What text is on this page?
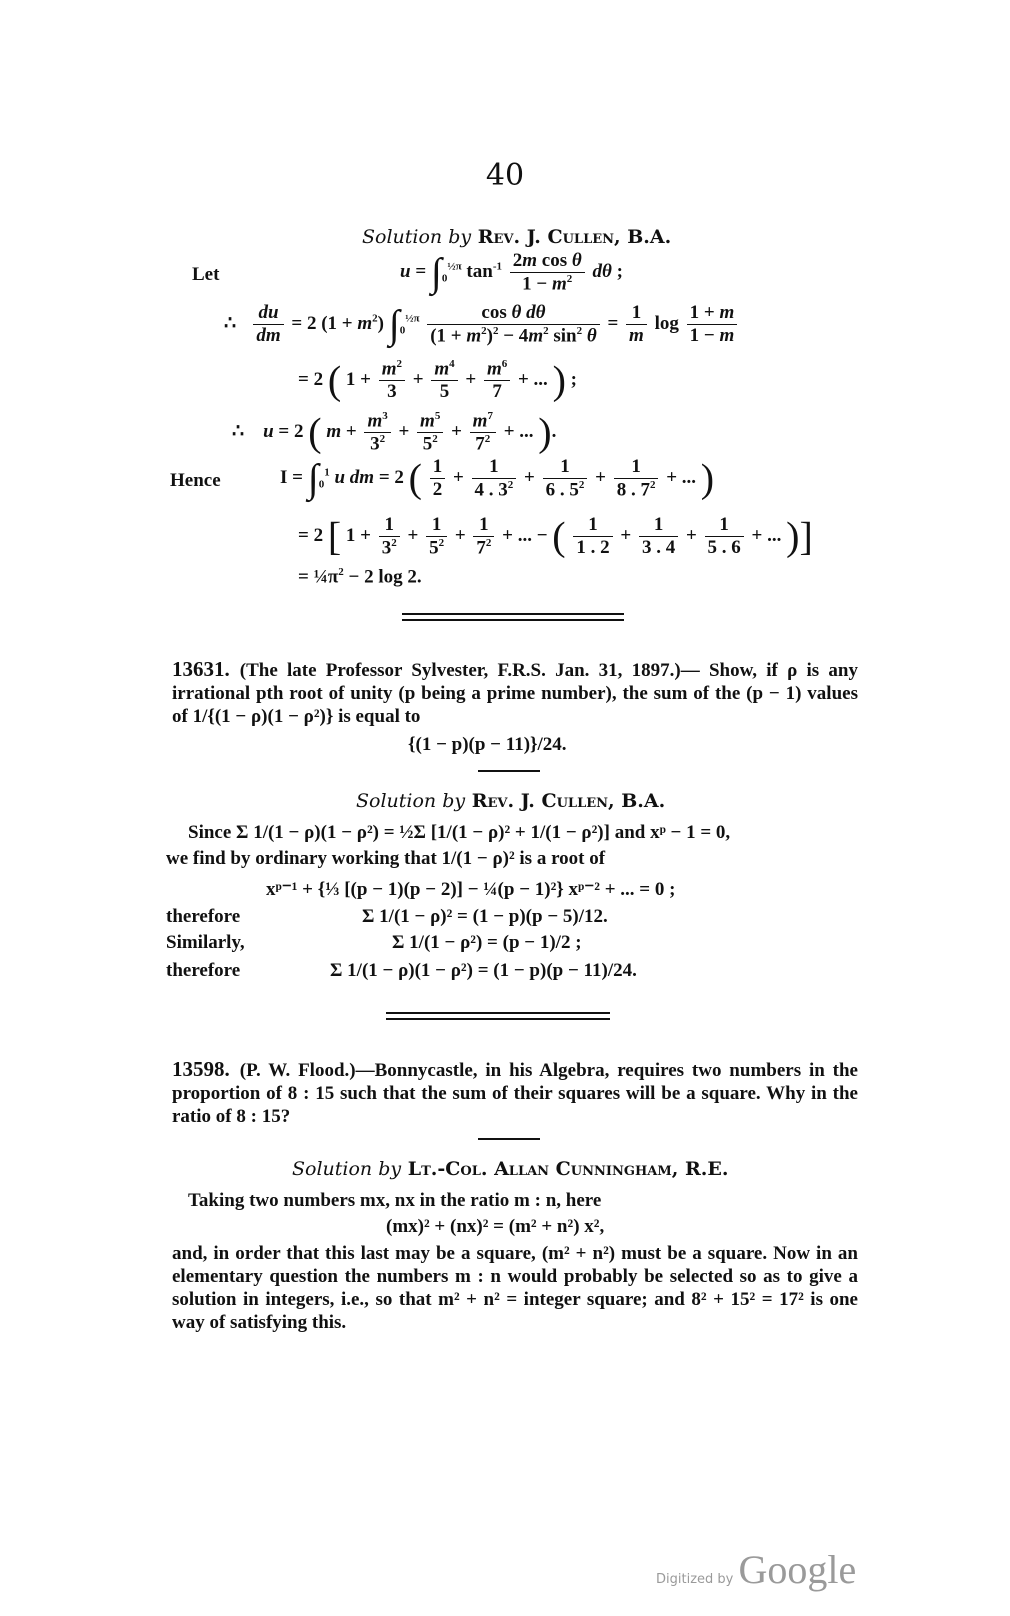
40
Solution by Rev. J. Cullen, B.A.
Let	$u = \int_0^{\frac{1}{2}\pi}$ $\tan^{-1} \frac{\text{2m cos θ}}{1 - m^2}$ dθ ;
∴ $\frac{du}{dm} = 2$ $(1 + m^2)$ $\int_0^{\frac{1}{2}\pi} \frac{\text{cos θ dθ}}{(1 + m^2)^2 - 4m^2 \sin^2 \theta} = \frac{1}{m}$ $\log \frac{1 + m}{1 - m}$
= 2 ( $1 + \frac{m^2}{3} + \frac{m^4}{5} + \frac{m^6}{7}$ + ... ) ;
∴    u = 2 ( $m + \frac{m^3}{3^2} + \frac{m^5}{5^2} + \frac{m^7}{7^2}$ + ... ).
Hence	$I = \int_0^1$ u dm = 2 ( $\frac{1}{2} + \frac{1}{4 . 3^2} + \frac{1}{6 . 5^2} + \frac{1}{8 . 7^2}$ + ... )
= 2 [ $1 + \frac{1}{3^2} + \frac{1}{5^2} + \frac{1}{7^2}$ + ... − ( $\frac{1}{1 . 2} + \frac{1}{3 . 4} + \frac{1}{5 . 6}$ + ... )]
= $\frac{1}{4}\pi^2 - 2$ log 2.
13631. (The late Professor Sylvester, F.R.S. Jan. 31, 1897.)— Show, if ρ is any irrational pth root of unity (p being a prime number), the sum of the (p − 1) values of 1/{(1 − ρ)(1 − ρ²)} is equal to
{(1 − p)(p − 11)}/24.
Solution by Rev. J. Cullen, B.A.
Since Σ 1/(1 − ρ)(1 − ρ²) = ½Σ [1/(1 − ρ)² + 1/(1 − ρ²)] and xᵖ − 1 = 0,
we find by ordinary working that 1/(1 − ρ)² is a root of
xᵖ⁻¹ + {⅓ [(p − 1)(p − 2)] − ¼(p − 1)²} xᵖ⁻² + ... = 0 ;
therefore	Σ 1/(1 − ρ)² = (1 − p)(p − 5)/12.
Similarly,	Σ 1/(1 − ρ²) = (p − 1)/2 ;
therefore	Σ 1/(1 − ρ)(1 − ρ²) = (1 − p)(p − 11)/24.
13598. (P. W. Flood.)—Bonnycastle, in his Algebra, requires two numbers in the proportion of 8 : 15 such that the sum of their squares will be a square. Why in the ratio of 8 : 15?
Solution by Lt.-Col. Allan Cunningham, R.E.
Taking two numbers mx, nx in the ratio m : n, here
(mx)² + (nx)² = (m² + n²) x²,
and, in order that this last may be a square, (m² + n²) must be a square. Now in an elementary question the numbers m : n would probably be selected so as to give a solution in integers, i.e., so that m² + n² = integer square; and 8² + 15² = 17² is one way of satisfying this.
Digitized by Google
